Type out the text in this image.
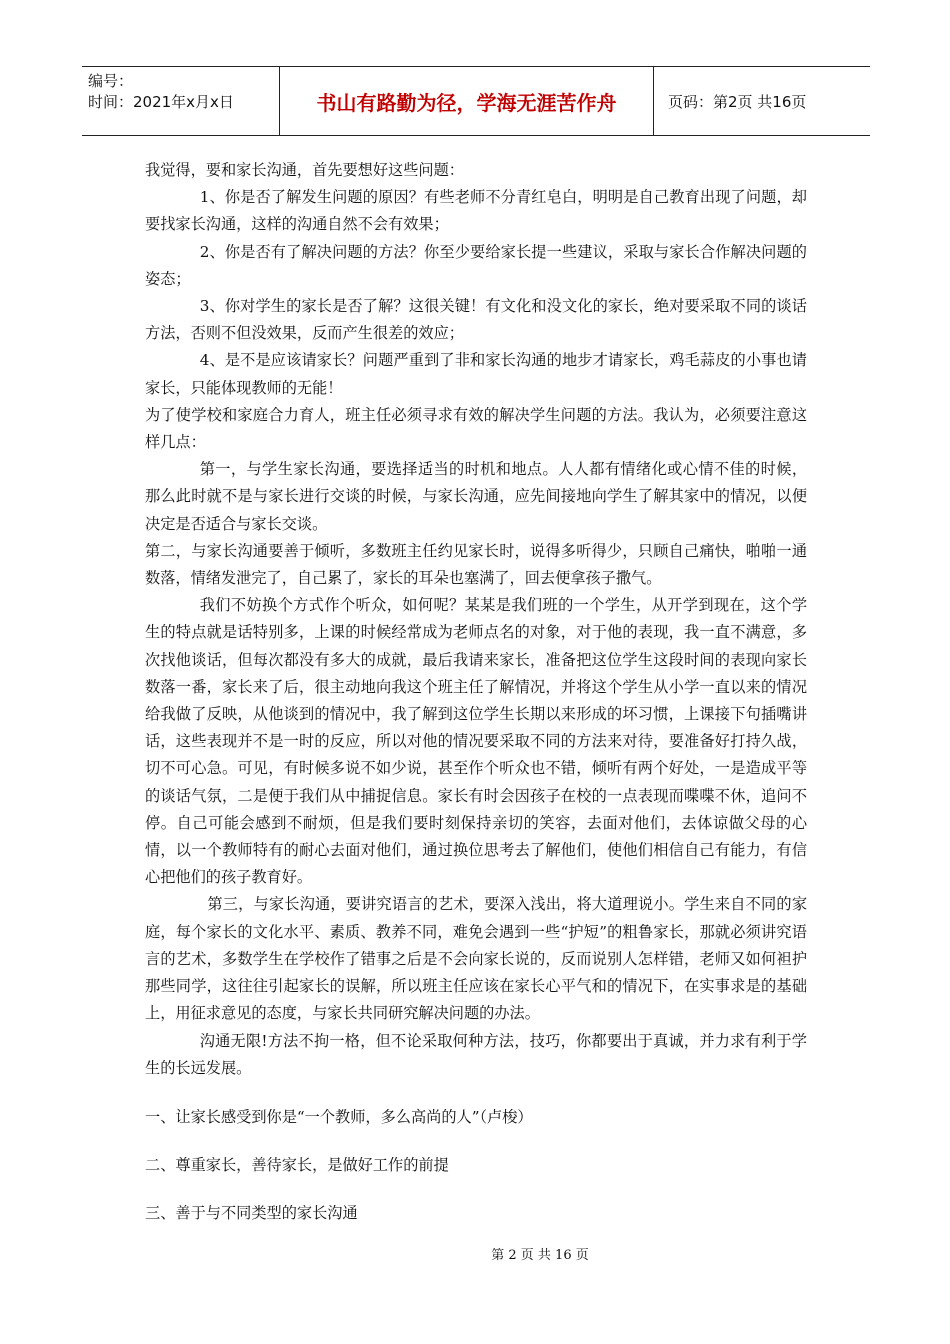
编号：
时间：2021年x月x日	书山有路勤为径，学海无涯苦作舟	页码：第2页 共16页

我觉得，要和家长沟通，首先要想好这些问题：

1、你是否了解发生问题的原因？有些老师不分青红皂白，明明是自己教育出现了问题，却要找家长沟通，这样的沟通自然不会有效果；

2、你是否有了解决问题的方法？你至少要给家长提一些建议，采取与家长合作解决问题的姿态；

3、你对学生的家长是否了解？这很关键！有文化和没文化的家长，绝对要采取不同的谈话方法，否则不但没效果，反而产生很差的效应；

4、是不是应该请家长？问题严重到了非和家长沟通的地步才请家长，鸡毛蒜皮的小事也请家长，只能体现教师的无能！

为了使学校和家庭合力育人，班主任必须寻求有效的解决学生问题的方法。我认为，必须要注意这样几点：

第一，与学生家长沟通，要选择适当的时机和地点。人人都有情绪化或心情不佳的时候，那么此时就不是与家长进行交谈的时候，与家长沟通，应先间接地向学生了解其家中的情况，以便决定是否适合与家长交谈。

第二，与家长沟通要善于倾听，多数班主任约见家长时，说得多听得少，只顾自己痛快，啪啪一通数落，情绪发泄完了，自己累了，家长的耳朵也塞满了，回去便拿孩子撒气。

我们不妨换个方式作个听众，如何呢？某某是我们班的一个学生，从开学到现在，这个学生的特点就是话特别多，上课的时候经常成为老师点名的对象，对于他的表现，我一直不满意，多次找他谈话，但每次都没有多大的成就，最后我请来家长，准备把这位学生这段时间的表现向家长数落一番，家长来了后，很主动地向我这个班主任了解情况，并将这个学生从小学一直以来的情况给我做了反映，从他谈到的情况中，我了解到这位学生长期以来形成的坏习惯，上课接下句插嘴讲话，这些表现并不是一时的反应，所以对他的情况要采取不同的方法来对待，要准备好打持久战，切不可心急。可见，有时候多说不如少说，甚至作个听众也不错，倾听有两个好处，一是造成平等的谈话气氛，二是便于我们从中捕捉信息。家长有时会因孩子在校的一点表现而喋喋不休，追问不停。自己可能会感到不耐烦，但是我们要时刻保持亲切的笑容，去面对他们，去体谅做父母的心情，以一个教师特有的耐心去面对他们，通过换位思考去了解他们，使他们相信自己有能力，有信心把他们的孩子教育好。

第三，与家长沟通，要讲究语言的艺术，要深入浅出，将大道理说小。学生来自不同的家庭，每个家长的文化水平、素质、教养不同，难免会遇到一些“护短”的粗鲁家长，那就必须讲究语言的艺术，多数学生在学校作了错事之后是不会向家长说的，反而说别人怎样错，老师又如何袒护那些同学，这往往引起家长的误解，所以班主任应该在家长心平气和的情况下，在实事求是的基础上，用征求意见的态度，与家长共同研究解决问题的办法。

沟通无限!方法不拘一格，但不论采取何种方法，技巧，你都要出于真诚，并力求有利于学生的长远发展。

一、让家长感受到你是“一个教师，多么高尚的人”（卢梭）

二、尊重家长，善待家长，是做好工作的前提

三、善于与不同类型的家长沟通

第 2 页 共 16 页
